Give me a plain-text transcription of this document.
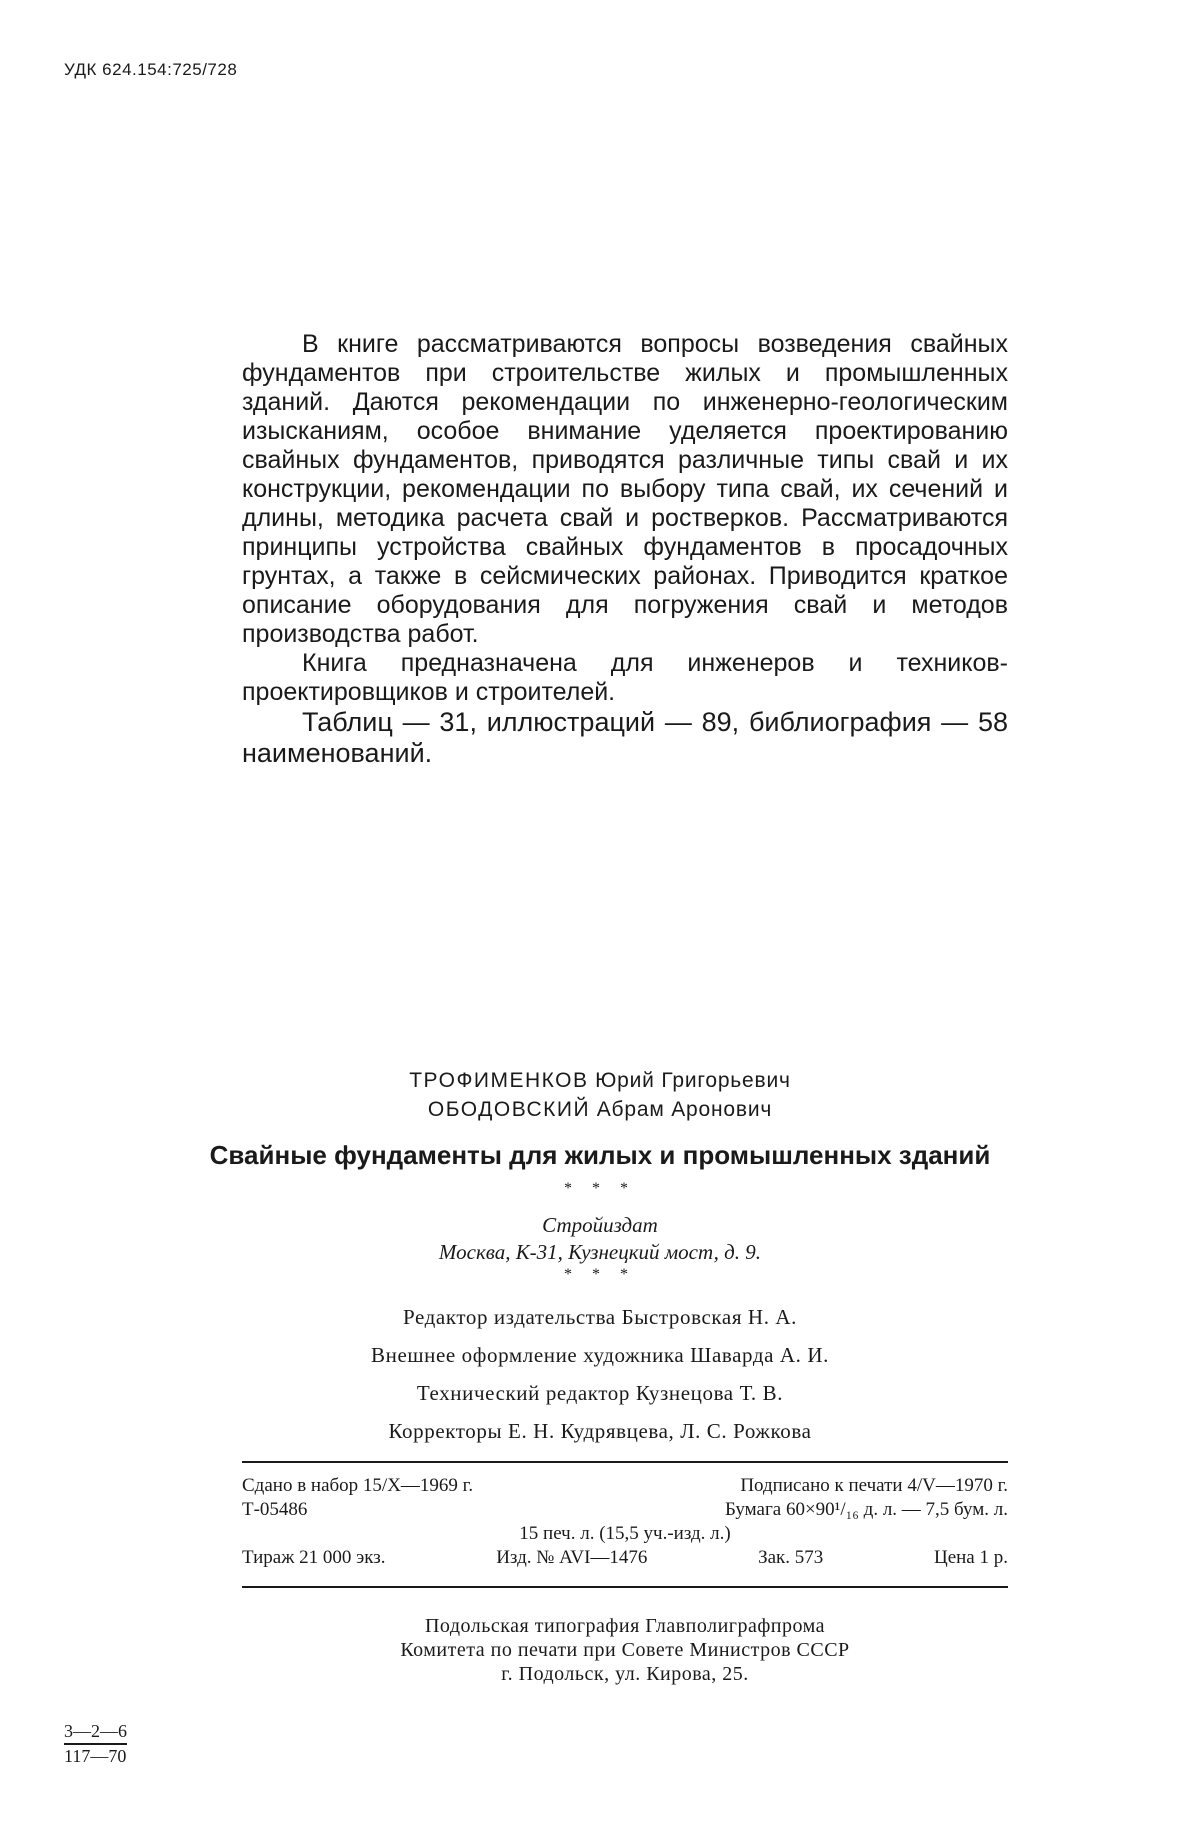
УДК 624.154:725/728

В книге рассматриваются вопросы возведения свайных фундаментов при строительстве жилых и промышленных зданий. Даются рекомендации по инженерно-геологическим изысканиям, особое внимание уделяется проектированию свайных фундаментов, приводятся различные типы свай и их конструкции, рекомендации по выбору типа свай, их сечений и длины, методика расчета свай и ростверков. Рассматриваются принципы устройства свайных фундаментов в просадочных грунтах, а также в сейсмических районах. Приводится краткое описание оборудования для погружения свай и методов производства работ.

Книга предназначена для инженеров и техников-проектировщиков и строителей.

Таблиц — 31, иллюстраций — 89, библиография — 58 наименований.

ТРОФИМЕНКОВ Юрий Григорьевич
ОБОДОВСКИЙ Абрам Аронович
Свайные фундаменты для жилых и промышленных зданий
* * *
Стройиздат
Москва, К-31, Кузнецкий мост, д. 9.
* * *
Редактор издательства Быстровская Н. А.
Внешнее оформление художника Шаварда А. И.
Технический редактор Кузнецова Т. В.
Корректоры Е. Н. Кудрявцева, Л. С. Рожкова
Сдано в набор 15/X—1969 г.	Подписано к печати 4/V—1970 г.
Т-05486	Бумага 60×90¹/₁₆ д. л. — 7,5 бум. л.
15 печ. л. (15,5 уч.-изд. л.)
Тираж 21 000 экз.	Изд. № AVI—1476	Зак. 573	Цена 1 р.
Подольская типография Главполиграфпрома
Комитета по печати при Совете Министров СССР
г. Подольск, ул. Кирова, 25.
$\frac{3—2—6}{117—70}$
